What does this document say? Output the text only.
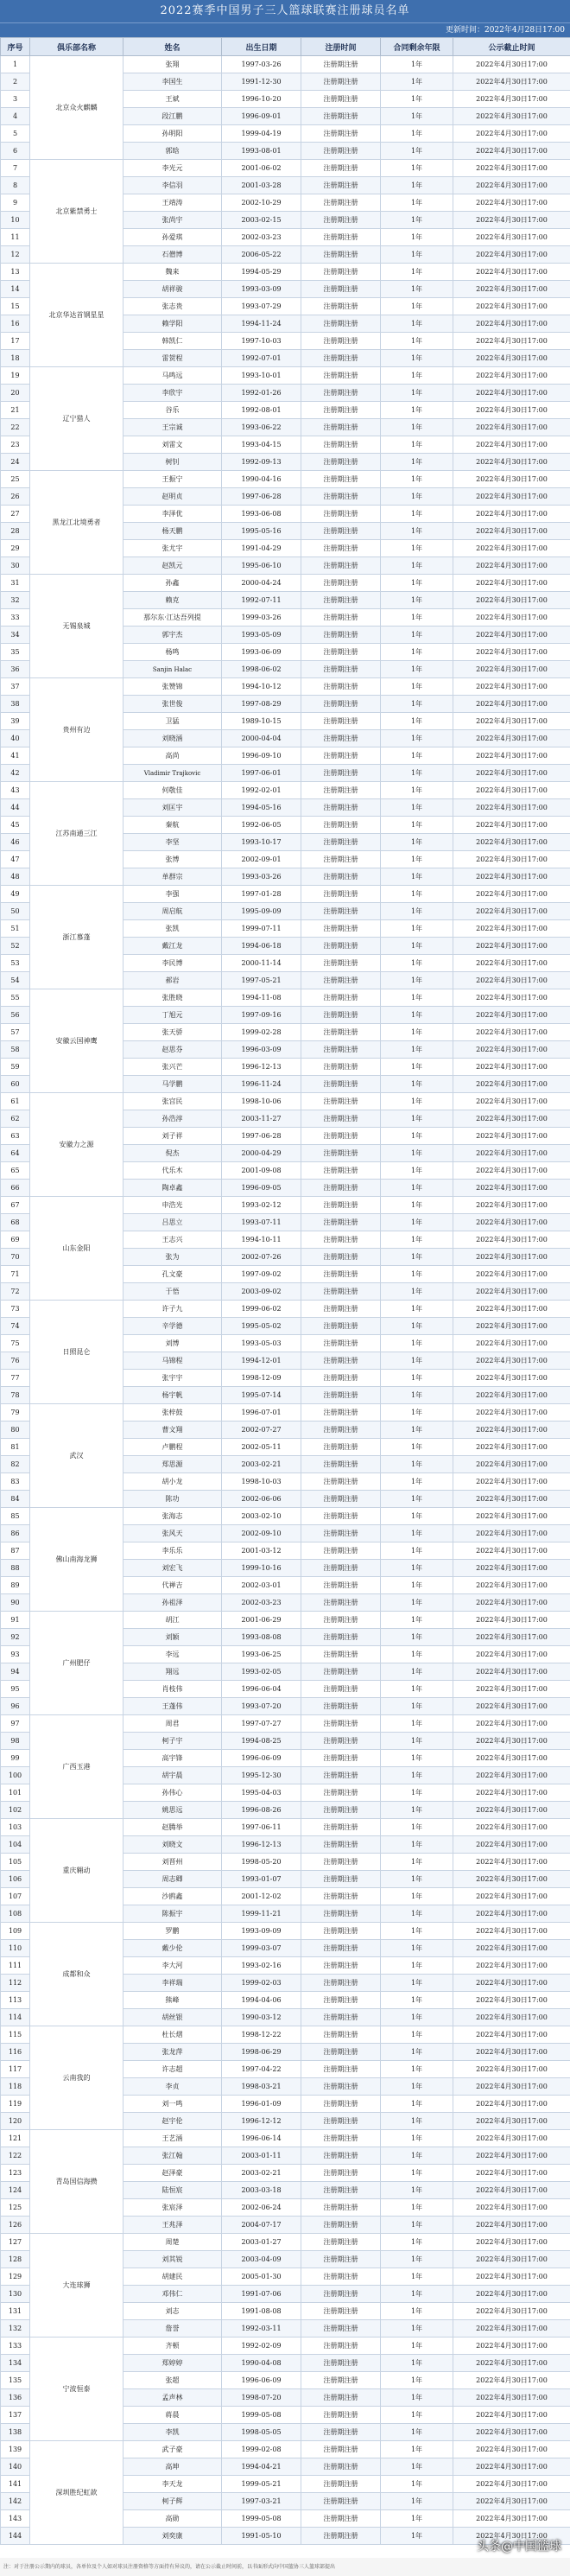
2022赛季中国男子三人篮球联赛注册球员名单
更新时间：2022年4月28日17:00
序号	俱乐部名称	姓名	出生日期	注册时间	合同剩余年限	公示截止时间
1	北京众火麒麟	张翔	1997-03-26	注册期注册	1年	2022年4月30日17:00
2		李国生	1991-12-30	注册期注册	1年	2022年4月30日17:00
3		王斌	1996-10-20	注册期注册	1年	2022年4月30日17:00
4		段江鹏	1996-09-01	注册期注册	1年	2022年4月30日17:00
5		孙明阳	1999-04-19	注册期注册	1年	2022年4月30日17:00
6		郭晗	1993-08-01	注册期注册	1年	2022年4月30日17:00
7	北京紫禁勇士	李光元	2001-06-02	注册期注册	1年	2022年4月30日17:00
8		李信羽	2001-03-28	注册期注册	1年	2022年4月30日17:00
9		王靖涛	2002-10-29	注册期注册	1年	2022年4月30日17:00
10		张尚宇	2003-02-15	注册期注册	1年	2022年4月30日17:00
11		孙爱琪	2002-03-23	注册期注册	1年	2022年4月30日17:00
12		石僧博	2006-05-22	注册期注册	1年	2022年4月30日17:00
13	北京华达首钢星星	魏来	1994-05-29	注册期注册	1年	2022年4月30日17:00
14		胡祥骏	1993-03-09	注册期注册	1年	2022年4月30日17:00
15		张志贵	1993-07-29	注册期注册	1年	2022年4月30日17:00
16		赖学阳	1994-11-24	注册期注册	1年	2022年4月30日17:00
17		韩凯仁	1997-10-03	注册期注册	1年	2022年4月30日17:00
18		雷贺程	1992-07-01	注册期注册	1年	2022年4月30日17:00
19	辽宁猎人	马鸣远	1993-10-01	注册期注册	1年	2022年4月30日17:00
20		李欣宇	1992-01-26	注册期注册	1年	2022年4月30日17:00
21		谷乐	1992-08-01	注册期注册	1年	2022年4月30日17:00
22		王宗诚	1993-06-22	注册期注册	1年	2022年4月30日17:00
23		刘雷文	1993-04-15	注册期注册	1年	2022年4月30日17:00
24		树钊	1992-09-13	注册期注册	1年	2022年4月30日17:00
25	黑龙江北境勇者	王振宁	1990-04-16	注册期注册	1年	2022年4月30日17:00
26		赵明贞	1997-06-28	注册期注册	1年	2022年4月30日17:00
27		李泽优	1993-06-08	注册期注册	1年	2022年4月30日17:00
28		杨天鹏	1995-05-16	注册期注册	1年	2022年4月30日17:00
29		张尤宇	1991-04-29	注册期注册	1年	2022年4月30日17:00
30		赵凯元	1995-06-10	注册期注册	1年	2022年4月30日17:00
31	无锡泉城	孙鑫	2000-04-24	注册期注册	1年	2022年4月30日17:00
32		赖克	1992-07-11	注册期注册	1年	2022年4月30日17:00
33		那尔东·江达吾列提	1999-03-26	注册期注册	1年	2022年4月30日17:00
34		郭宇杰	1993-05-09	注册期注册	1年	2022年4月30日17:00
35		杨鸣	1993-06-09	注册期注册	1年	2022年4月30日17:00
36		Sanjin Halac	1998-06-02	注册期注册	1年	2022年4月30日17:00
37	贵州有边	张赞锦	1994-10-12	注册期注册	1年	2022年4月30日17:00
38		张世俊	1997-08-29	注册期注册	1年	2022年4月30日17:00
39		卫猛	1989-10-15	注册期注册	1年	2022年4月30日17:00
40		刘晓涵	2000-04-04	注册期注册	1年	2022年4月30日17:00
41		高尚	1996-09-10	注册期注册	1年	2022年4月30日17:00
42		Vladimir Trajkovic	1997-06-01	注册期注册	1年	2022年4月30日17:00
43	江苏南通三江	何敬佳	1992-02-01	注册期注册	1年	2022年4月30日17:00
44		刘匡宇	1994-05-16	注册期注册	1年	2022年4月30日17:00
45		秦航	1992-06-05	注册期注册	1年	2022年4月30日17:00
46		李坚	1993-10-17	注册期注册	1年	2022年4月30日17:00
47		张博	2002-09-01	注册期注册	1年	2022年4月30日17:00
48		单群宗	1993-03-26	注册期注册	1年	2022年4月30日17:00
49	浙江慕蓬	李强	1997-01-28	注册期注册	1年	2022年4月30日17:00
50		周启航	1995-09-09	注册期注册	1年	2022年4月30日17:00
51		张凯	1999-07-11	注册期注册	1年	2022年4月30日17:00
52		戴江龙	1994-06-18	注册期注册	1年	2022年4月30日17:00
53		李民博	2000-11-14	注册期注册	1年	2022年4月30日17:00
54		郝岩	1997-05-21	注册期注册	1年	2022年4月30日17:00
55	安徽云国神鹰	张胜晓	1994-11-08	注册期注册	1年	2022年4月30日17:00
56		丁旭元	1997-09-16	注册期注册	1年	2022年4月30日17:00
57		张天骄	1999-02-28	注册期注册	1年	2022年4月30日17:00
58		赵思芬	1996-03-09	注册期注册	1年	2022年4月30日17:00
59		张兴芒	1996-12-13	注册期注册	1年	2022年4月30日17:00
60		马学鹏	1996-11-24	注册期注册	1年	2022年4月30日17:00
61	安徽力之源	张宫民	1998-10-06	注册期注册	1年	2022年4月30日17:00
62		孙浩淳	2003-11-27	注册期注册	1年	2022年4月30日17:00
63		刘子祥	1997-06-28	注册期注册	1年	2022年4月30日17:00
64		倪杰	2000-04-29	注册期注册	1年	2022年4月30日17:00
65		代乐木	2001-09-08	注册期注册	1年	2022年4月30日17:00
66		陶卓鑫	1996-09-05	注册期注册	1年	2022年4月30日17:00
67	山东金阳	申浩光	1993-02-12	注册期注册	1年	2022年4月30日17:00
68		吕思立	1993-07-11	注册期注册	1年	2022年4月30日17:00
69		王志兴	1994-10-11	注册期注册	1年	2022年4月30日17:00
70		张为	2002-07-26	注册期注册	1年	2022年4月30日17:00
71		孔文豪	1997-09-02	注册期注册	1年	2022年4月30日17:00
72		于悟	2003-09-02	注册期注册	1年	2022年4月30日17:00
73	日照昆仑	许子九	1999-06-02	注册期注册	1年	2022年4月30日17:00
74		辛学德	1995-05-02	注册期注册	1年	2022年4月30日17:00
75		刘博	1993-05-03	注册期注册	1年	2022年4月30日17:00
76		马锦程	1994-12-01	注册期注册	1年	2022年4月30日17:00
77		张宇宇	1998-12-09	注册期注册	1年	2022年4月30日17:00
78		杨宇帆	1995-07-14	注册期注册	1年	2022年4月30日17:00
79	武汉	张梓鼓	1996-07-01	注册期注册	1年	2022年4月30日17:00
80		曹文翔	2002-07-27	注册期注册	1年	2022年4月30日17:00
81		卢鹏程	2002-05-11	注册期注册	1年	2022年4月30日17:00
82		郑思源	2003-02-21	注册期注册	1年	2022年4月30日17:00
83		胡小龙	1998-10-03	注册期注册	1年	2022年4月30日17:00
84		陈功	2002-06-06	注册期注册	1年	2022年4月30日17:00
85	佛山南海龙狮	张海志	2003-02-10	注册期注册	1年	2022年4月30日17:00
86		张风天	2002-09-10	注册期注册	1年	2022年4月30日17:00
87		李乐乐	2001-03-12	注册期注册	1年	2022年4月30日17:00
88		刘宏飞	1999-10-16	注册期注册	1年	2022年4月30日17:00
89		代禅吉	2002-03-01	注册期注册	1年	2022年4月30日17:00
90		孙祖泽	2002-03-23	注册期注册	1年	2022年4月30日17:00
91	广州肥仔	胡江	2001-06-29	注册期注册	1年	2022年4月30日17:00
92		刘颖	1993-08-08	注册期注册	1年	2022年4月30日17:00
93		李远	1993-06-25	注册期注册	1年	2022年4月30日17:00
94		翔远	1993-02-05	注册期注册	1年	2022年4月30日17:00
95		肖枝伟	1996-06-04	注册期注册	1年	2022年4月30日17:00
96		王蓬伟	1993-07-20	注册期注册	1年	2022年4月30日17:00
97	广西玉港	周君	1997-07-27	注册期注册	1年	2022年4月30日17:00
98		柯子宇	1994-08-25	注册期注册	1年	2022年4月30日17:00
99		高宇锋	1996-06-09	注册期注册	1年	2022年4月30日17:00
100		胡宇晨	1995-12-30	注册期注册	1年	2022年4月30日17:00
101		孙伟心	1995-04-03	注册期注册	1年	2022年4月30日17:00
102		姚思远	1996-08-26	注册期注册	1年	2022年4月30日17:00
103	重庆翱动	赵腾举	1997-06-11	注册期注册	1年	2022年4月30日17:00
104		刘晓文	1996-12-13	注册期注册	1年	2022年4月30日17:00
105		刘晋州	1998-05-20	注册期注册	1年	2022年4月30日17:00
106		周志卿	1993-01-07	注册期注册	1年	2022年4月30日17:00
107		沙鸥鑫	2001-12-02	注册期注册	1年	2022年4月30日17:00
108		陈振宇	1999-11-21	注册期注册	1年	2022年4月30日17:00
109	成都和众	罗鹏	1993-09-09	注册期注册	1年	2022年4月30日17:00
110		戴少伦	1999-03-07	注册期注册	1年	2022年4月30日17:00
111		李大河	1993-02-16	注册期注册	1年	2022年4月30日17:00
112		李祥瑞	1999-02-03	注册期注册	1年	2022年4月30日17:00
113		熊峰	1994-04-06	注册期注册	1年	2022年4月30日17:00
114		胡丝银	1990-03-12	注册期注册	1年	2022年4月30日17:00
115	云南我的	杜长熠	1998-12-22	注册期注册	1年	2022年4月30日17:00
116		张龙萍	1998-06-29	注册期注册	1年	2022年4月30日17:00
117		许志超	1997-04-22	注册期注册	1年	2022年4月30日17:00
118		李贞	1998-03-21	注册期注册	1年	2022年4月30日17:00
119		刘一鸣	1996-01-09	注册期注册	1年	2022年4月30日17:00
120		赵宇伦	1996-12-12	注册期注册	1年	2022年4月30日17:00
121	青岛国信海攒	王艺涵	1996-06-14	注册期注册	1年	2022年4月30日17:00
122		张江翰	2003-01-11	注册期注册	1年	2022年4月30日17:00
123		赵泽豪	2003-02-21	注册期注册	1年	2022年4月30日17:00
124		陆恒宸	2003-03-18	注册期注册	1年	2022年4月30日17:00
125		张宸泽	2002-06-24	注册期注册	1年	2022年4月30日17:00
126		王兆泽	2004-07-17	注册期注册	1年	2022年4月30日17:00
127	大连球狮	周楚	2003-01-27	注册期注册	1年	2022年4月30日17:00
128		刘其锐	2003-04-09	注册期注册	1年	2022年4月30日17:00
129		胡建民	2005-01-30	注册期注册	1年	2022年4月30日17:00
130		邓伟仁	1991-07-06	注册期注册	1年	2022年4月30日17:00
131		刘志	1991-08-08	注册期注册	1年	2022年4月30日17:00
132		詹誉	1992-03-11	注册期注册	1年	2022年4月30日17:00
133	宁波恒泰	齐顿	1992-02-09	注册期注册	1年	2022年4月30日17:00
134		郑婷婷	1990-04-08	注册期注册	1年	2022年4月30日17:00
135		张超	1996-06-09	注册期注册	1年	2022年4月30日17:00
136		孟声林	1998-07-20	注册期注册	1年	2022年4月30日17:00
137		蒋晨	1999-05-08	注册期注册	1年	2022年4月30日17:00
138		李凯	1998-05-05	注册期注册	1年	2022年4月30日17:00
139	深圳胜纪虹歆	武子豪	1999-02-08	注册期注册	1年	2022年4月30日17:00
140		高坤	1994-04-21	注册期注册	1年	2022年4月30日17:00
141		李天龙	1999-05-21	注册期注册	1年	2022年4月30日17:00
142		柯子辉	1997-03-21	注册期注册	1年	2022年4月30日17:00
143		高勋	1999-05-08	注册期注册	1年	2022年4月30日17:00
144		刘奕康	1991-05-10	注册期注册	1年	2022年4月30日17:00
头条@中国篮球
注：对于注册公示期内的球员，各单位及个人如对球员注册资格等方面持有异议的，请在公示截止时间前，以书面形式向中国篮协三人篮球部提出
